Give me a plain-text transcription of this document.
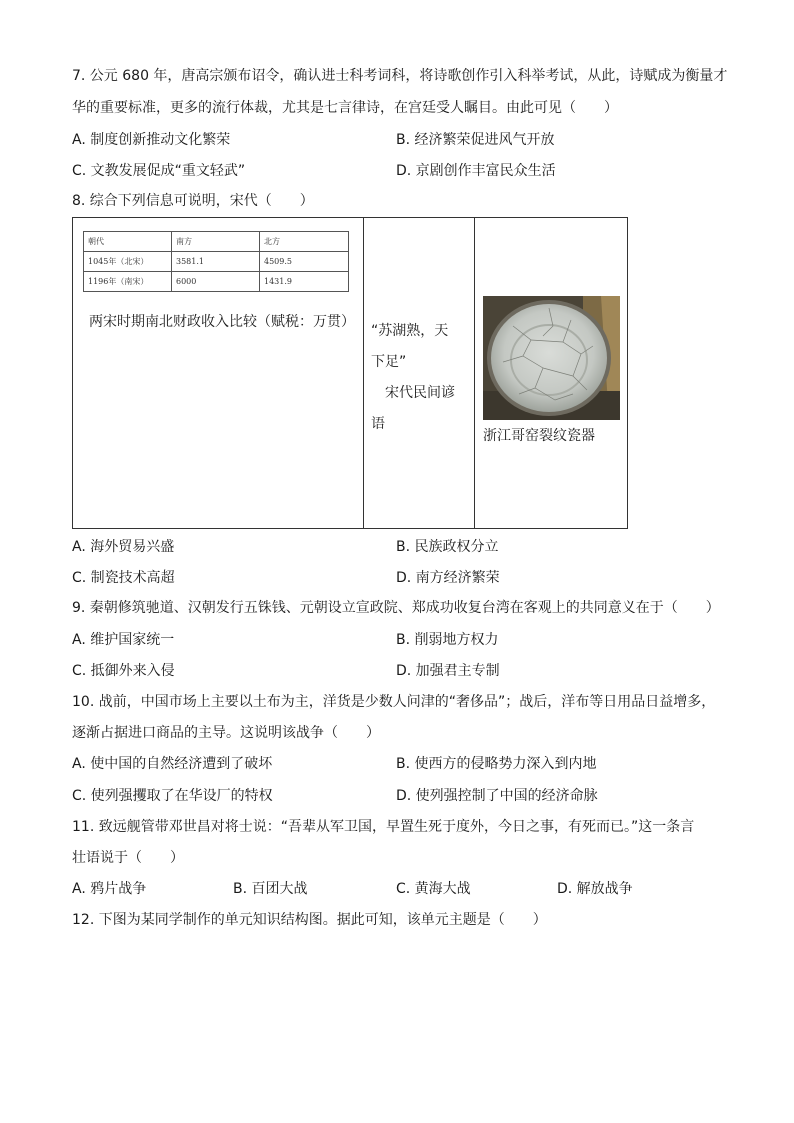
7. 公元 680 年，唐高宗颁布诏令，确认进士科考词科，将诗歌创作引入科举考试，从此，诗赋成为衡量才
华的重要标准，更多的流行体裁，尤其是七言律诗，在宫廷受人瞩目。由此可见（　　）
A. 制度创新推动文化繁荣	B. 经济繁荣促进风气开放
C. 文教发展促成“重文轻武”	D. 京剧创作丰富民众生活
8. 综合下列信息可说明，宋代（　　）
朝代	南方	北方
1045年（北宋）	3581.1	4509.5
1196年（南宋）	6000	1431.9
两宋时期南北财政收入比较（赋税：万贯）
“苏湖熟，天
下足”
　宋代民间谚
语
浙江哥窑裂纹瓷器
A. 海外贸易兴盛	B. 民族政权分立
C. 制瓷技术高超	D. 南方经济繁荣
9. 秦朝修筑驰道、汉朝发行五铢钱、元朝设立宣政院、郑成功收复台湾在客观上的共同意义在于（　　）
A. 维护国家统一	B. 削弱地方权力
C. 抵御外来入侵	D. 加强君主专制
10. 战前，中国市场上主要以土布为主，洋货是少数人问津的“奢侈品”；战后，洋布等日用品日益增多，
逐渐占据进口商品的主导。这说明该战争（　　）
A. 使中国的自然经济遭到了破坏	B. 使西方的侵略势力深入到内地
C. 使列强攫取了在华设厂的特权	D. 使列强控制了中国的经济命脉
11. 致远舰管带邓世昌对将士说：“吾辈从军卫国，早置生死于度外，今日之事，有死而已。”这一条言
壮语说于（　　）
A. 鸦片战争	B. 百团大战	C. 黄海大战	D. 解放战争
12. 下图为某同学制作的单元知识结构图。据此可知，该单元主题是（　　）
